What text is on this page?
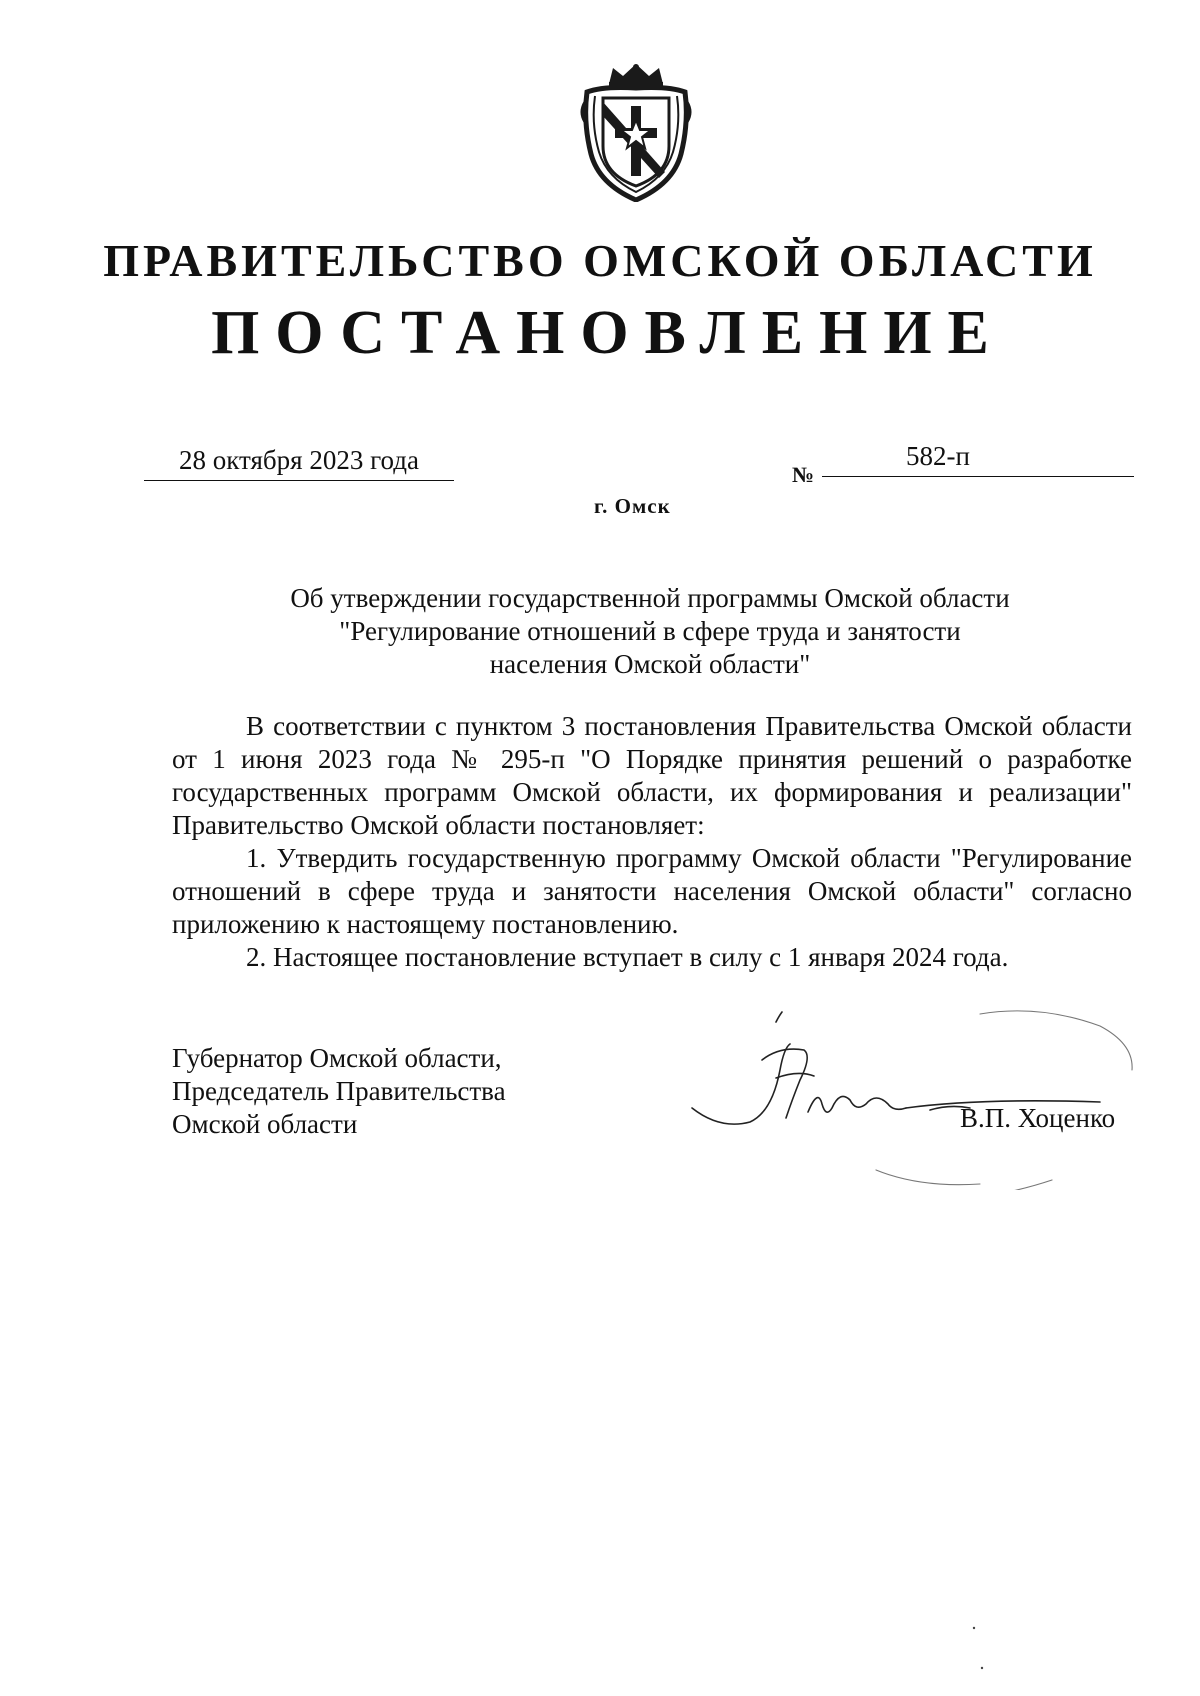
ПРАВИТЕЛЬСТВО ОМСКОЙ ОБЛАСТИ
ПОСТАНОВЛЕНИЕ
28 октября 2023 года	№
582-п
г. Омск
Об утверждении государственной программы Омской области
"Регулирование отношений в сфере труда и занятости
населения Омской области"

В соответствии с пунктом 3 постановления Правительства Омской области от 1 июня 2023 года № 295-п "О Порядке принятия решений о разработке государственных программ Омской области, их формирования и реализации" Правительство Омской области постановляет:

1. Утвердить государственную программу Омской области "Регулирование отношений в сфере труда и занятости населения Омской области" согласно приложению к настоящему постановлению.

2. Настоящее постановление вступает в силу с 1 января 2024 года.

Губернатор Омской области,
Председатель Правительства
Омской области	В.П. Хоценко
